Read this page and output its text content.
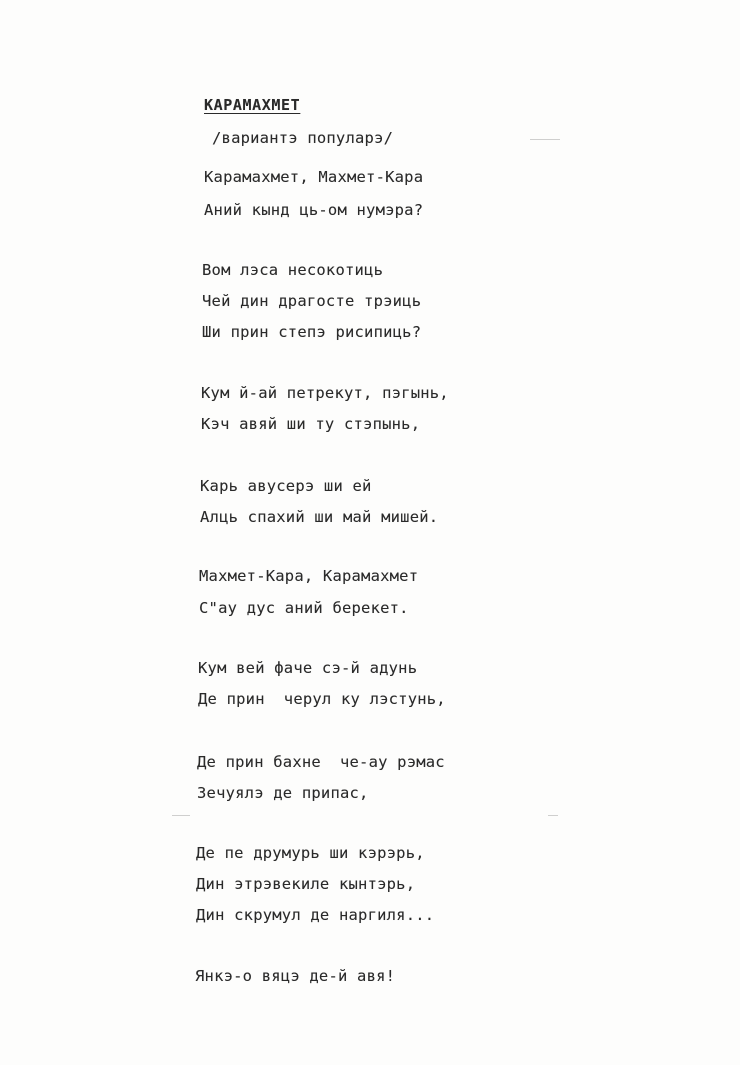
КАРАМАХМЕТ
/вариантэ популарэ/
Карамахмет, Махмет-Кара
Аний кынд ць-ом нумэра?
Вом лэса несокотиць
Чей дин драгосте трэиць
Ши прин степэ рисипиць?
Кум й-ай петрекут, пэгынь,
Кэч авяй ши ту стэпынь,
Карь авусерэ ши ей
Алць спахий ши май мишей.
Махмет-Кара, Карамахмет
С"ау дус аний берекет.
Кум вей фаче сэ-й адунь
Де прин  черул ку лэстунь,
Де прин бахне  че-ау рэмас
Зечуялэ де припас,
Де пе друмурь ши кэрэрь,
Дин этрэвекиле кынтэрь,
Дин скрумул де наргиля...
Янкэ-о вяцэ де-й авя!
